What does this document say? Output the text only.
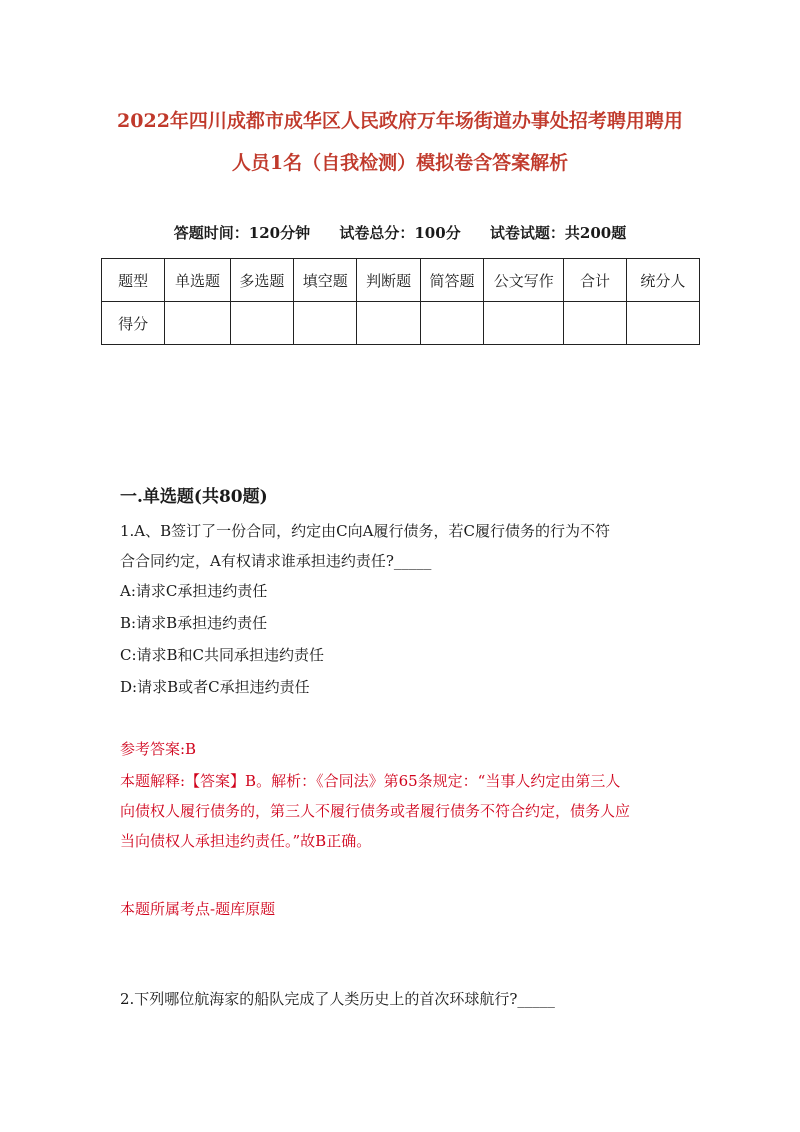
2022年四川成都市成华区人民政府万年场街道办事处招考聘用聘用
人员1名（自我检测）模拟卷含答案解析
答题时间：120分钟 试卷总分：100分 试卷试题：共200题
题型	单选题	多选题	填空题	判断题	简答题	公文写作	合计	统分人
得分								
一.单选题(共80题)
1.A、B签订了一份合同，约定由C向A履行债务，若C履行债务的行为不符
合合同约定，A有权请求谁承担违约责任?_____
A:请求C承担违约责任
B:请求B承担违约责任
C:请求B和C共同承担违约责任
D:请求B或者C承担违约责任
参考答案:B
本题解释:【答案】B。解析：《合同法》第65条规定：“当事人约定由第三人
向债权人履行债务的，第三人不履行债务或者履行债务不符合约定，债务人应
当向债权人承担违约责任。”故B正确。
本题所属考点-题库原题
2.下列哪位航海家的船队完成了人类历史上的首次环球航行?_____
